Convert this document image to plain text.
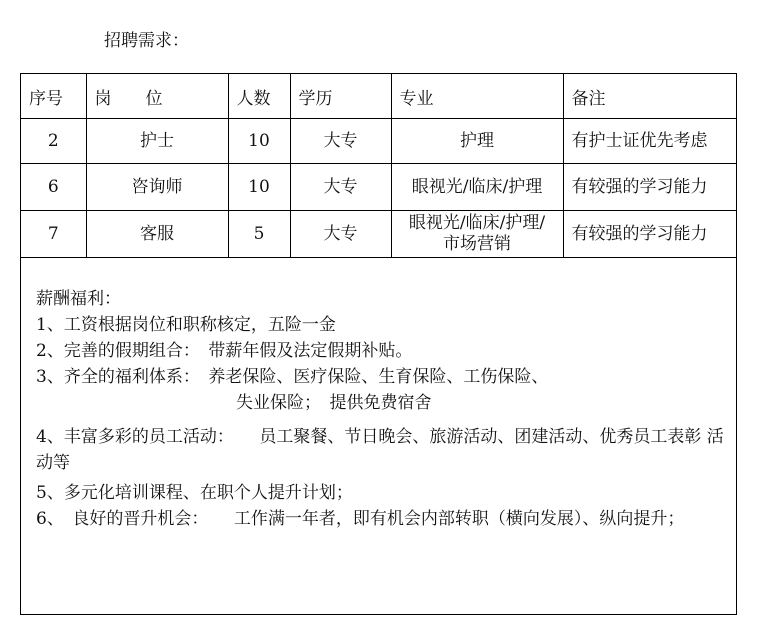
招聘需求：
序号	岗　　位	人数	学历	专业	备注
2	护士	10	大专	护理	有护士证优先考虑
6	咨询师	10	大专	眼视光/临床/护理	有较强的学习能力
7	客服	5	大专	眼视光/临床/护理/市场营销	有较强的学习能力
薪酬福利：
1、工资根据岗位和职称核定，五险一金
2、完善的假期组合：　带薪年假及法定假期补贴。
3、齐全的福利体系：　养老保险、医疗保险、生育保险、工伤保险、
失业保险；　提供免费宿舍
4、丰富多彩的员工活动：　　员工聚餐、节日晚会、旅游活动、团建活动、优秀员工表彰 活动等
5、多元化培训课程、在职个人提升计划；
6、　良好的晋升机会：　　工作满一年者，即有机会内部转职（横向发展）、纵向提升；
